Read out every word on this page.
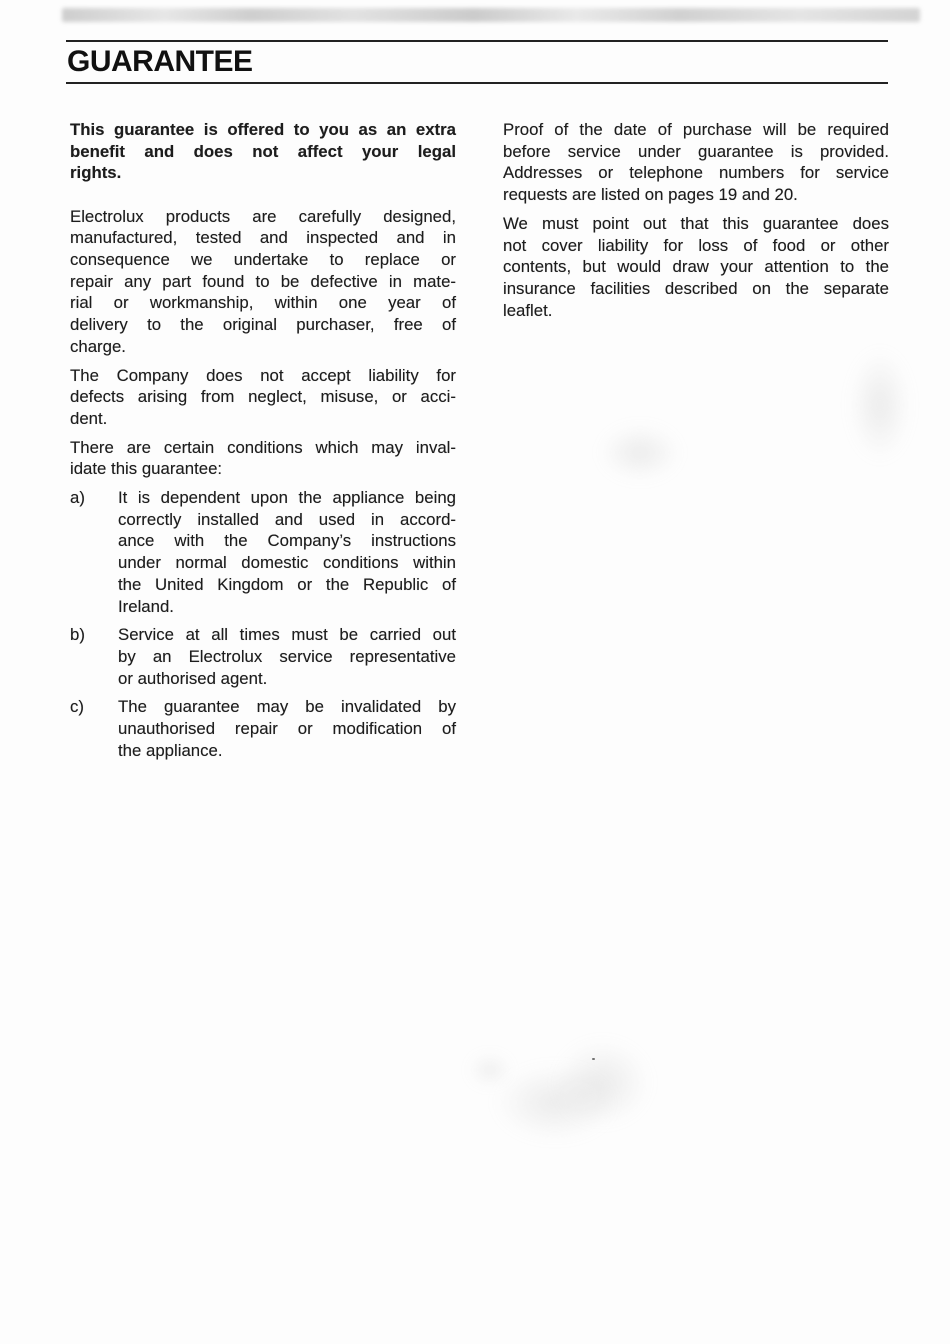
GUARANTEE
This guarantee is offered to you as an extra
benefit and does not affect your legal
rights.
Electrolux products are carefully designed,
manufactured, tested and inspected and in
consequence we undertake to replace or
repair any part found to be defective in mate-
rial or workmanship, within one year of
delivery to the original purchaser, free of
charge.
The Company does not accept liability for
defects arising from neglect, misuse, or acci-
dent.
There are certain conditions which may inval-
idate this guarantee:
a)	It is dependent upon the appliance being
correctly installed and used in accord-
ance with the Company’s instructions
under normal domestic conditions within
the United Kingdom or the Republic of
Ireland.
b)	Service at all times must be carried out
by an Electrolux service representative
or authorised agent.
c)	The guarantee may be invalidated by
unauthorised repair or modification of
the appliance.
Proof of the date of purchase will be required
before service under guarantee is provided.
Addresses or telephone numbers for service
requests are listed on pages 19 and 20.
We must point out that this guarantee does
not cover liability for loss of food or other
contents, but would draw your attention to the
insurance facilities described on the separate
leaflet.
